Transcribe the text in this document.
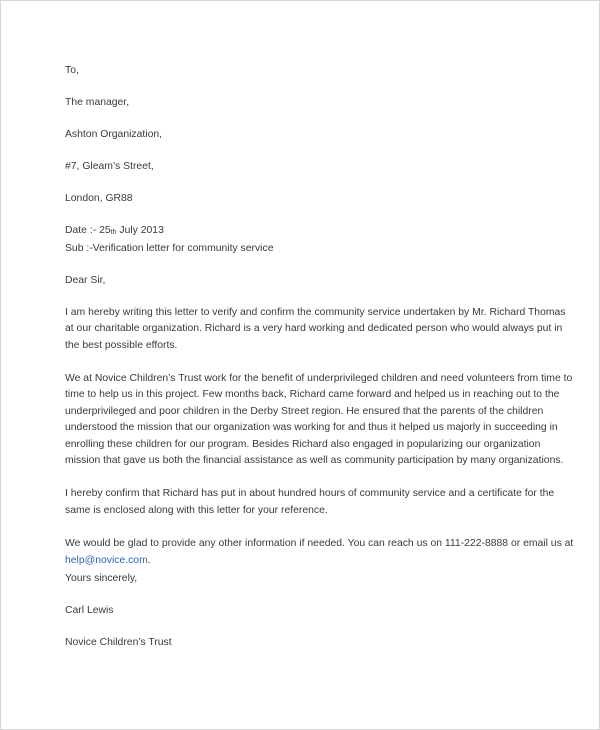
To,

The manager,

Ashton Organization,

#7, Gleam’s Street,

London, GR88

Date :- 25th July 2013

Sub :-Verification letter for community service

Dear Sir,

I am hereby writing this letter to verify and confirm the community service undertaken by Mr. Richard Thomas at our charitable organization. Richard is a very hard working and dedicated person who would always put in the best possible efforts.

We at Novice Children’s Trust work for the benefit of underprivileged children and need volunteers from time to time to help us in this project. Few months back, Richard came forward and helped us in reaching out to the underprivileged and poor children in the Derby Street region. He ensured that the parents of the children understood the mission that our organization was working for and thus it helped us majorly in succeeding in enrolling these children for our program. Besides Richard also engaged in popularizing our organization mission that gave us both the financial assistance as well as community participation by many organizations.

I hereby confirm that Richard has put in about hundred hours of community service and a certificate for the same is enclosed along with this letter for your reference.

We would be glad to provide any other information if needed. You can reach us on 111-222-8888 or email us at help@novice.com.

Yours sincerely,

Carl Lewis

Novice Children’s Trust
